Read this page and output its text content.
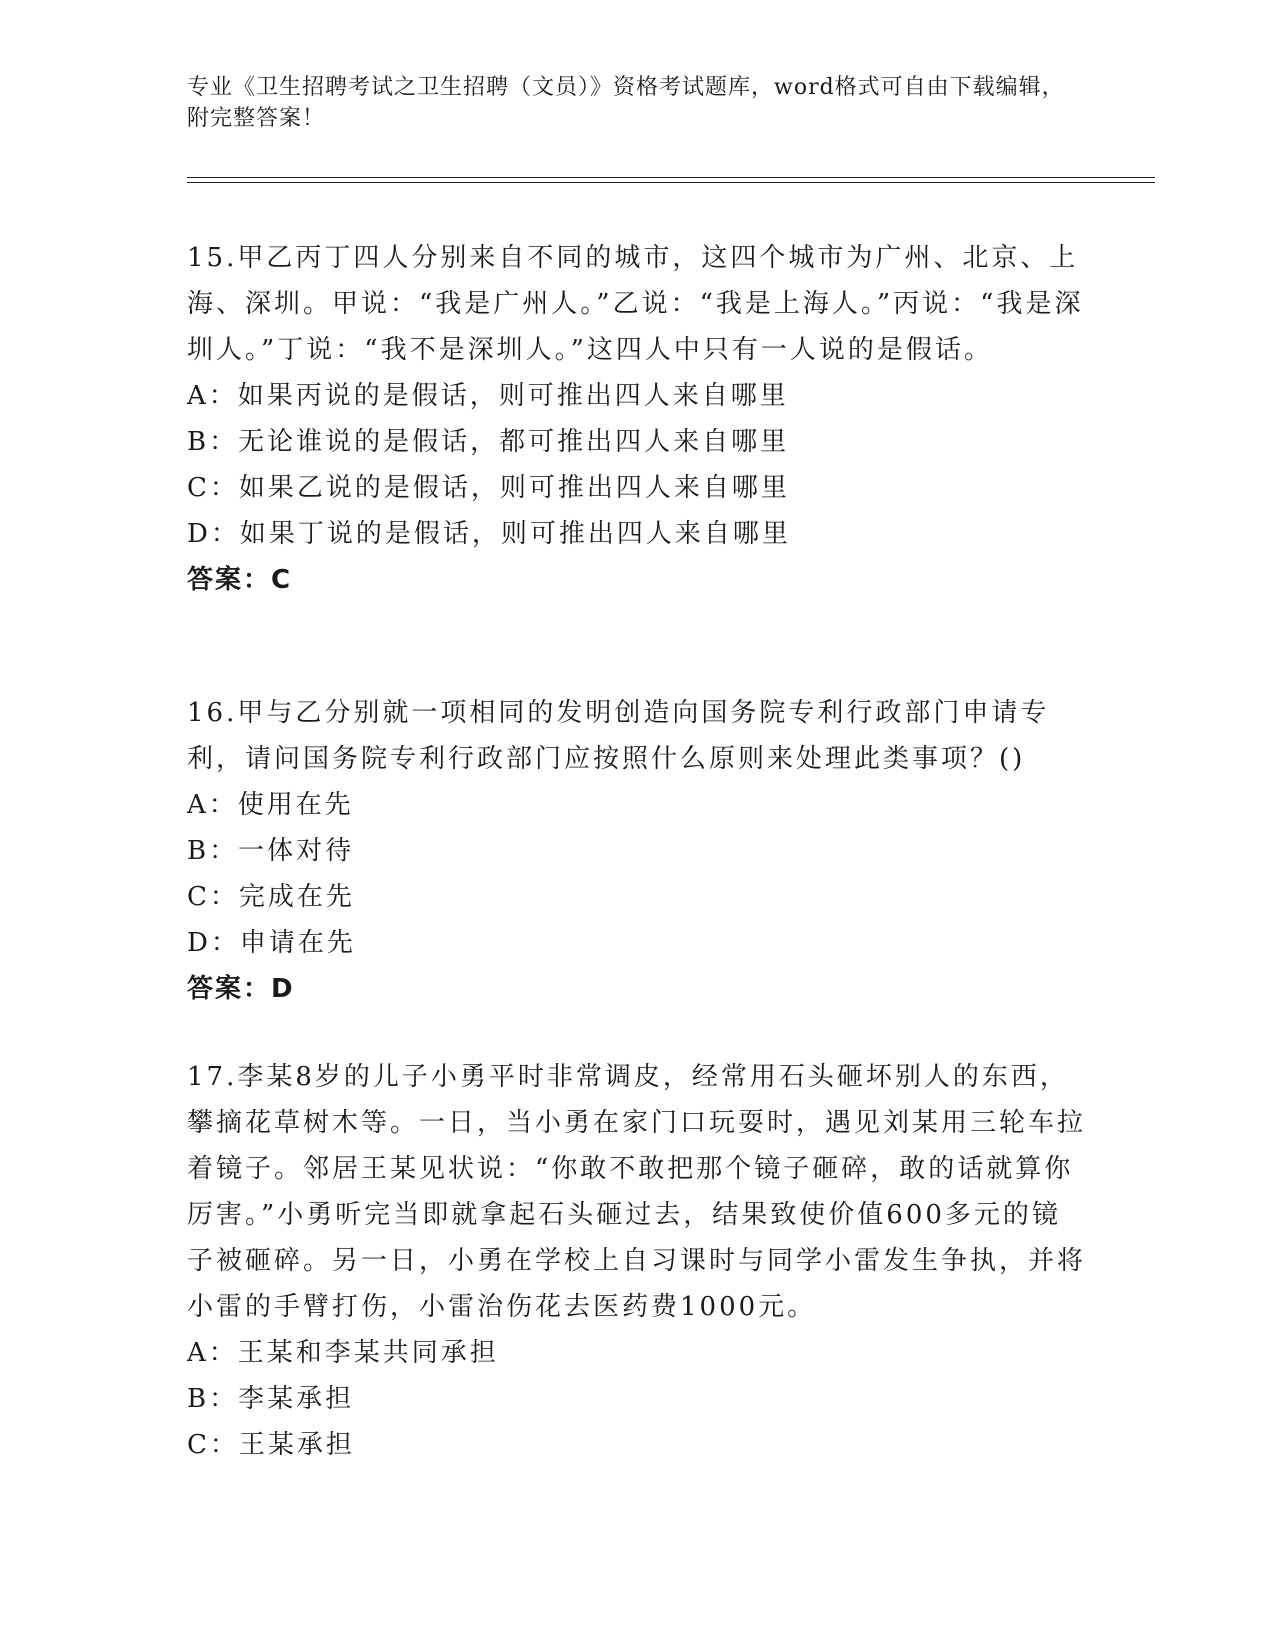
专业《卫生招聘考试之卫生招聘（文员）》资格考试题库，word格式可自由下载编辑，附完整答案！
15.甲乙丙丁四人分别来自不同的城市，这四个城市为广州、北京、上海、深圳。甲说：“我是广州人。”乙说：“我是上海人。”丙说：“我是深圳人。”丁说：“我不是深圳人。”这四人中只有一人说的是假话。
A：如果丙说的是假话，则可推出四人来自哪里
B：无论谁说的是假话，都可推出四人来自哪里
C：如果乙说的是假话，则可推出四人来自哪里
D：如果丁说的是假话，则可推出四人来自哪里
答案：C
16.甲与乙分别就一项相同的发明创造向国务院专利行政部门申请专利，请问国务院专利行政部门应按照什么原则来处理此类事项？()
A：使用在先
B：一体对待
C：完成在先
D：申请在先
答案：D
17.李某8岁的儿子小勇平时非常调皮，经常用石头砸坏别人的东西，攀摘花草树木等。一日，当小勇在家门口玩耍时，遇见刘某用三轮车拉着镜子。邻居王某见状说：“你敢不敢把那个镜子砸碎，敢的话就算你厉害。”小勇听完当即就拿起石头砸过去，结果致使价值600多元的镜子被砸碎。另一日，小勇在学校上自习课时与同学小雷发生争执，并将小雷的手臂打伤，小雷治伤花去医药费1000元。
A：王某和李某共同承担
B：李某承担
C：王某承担
